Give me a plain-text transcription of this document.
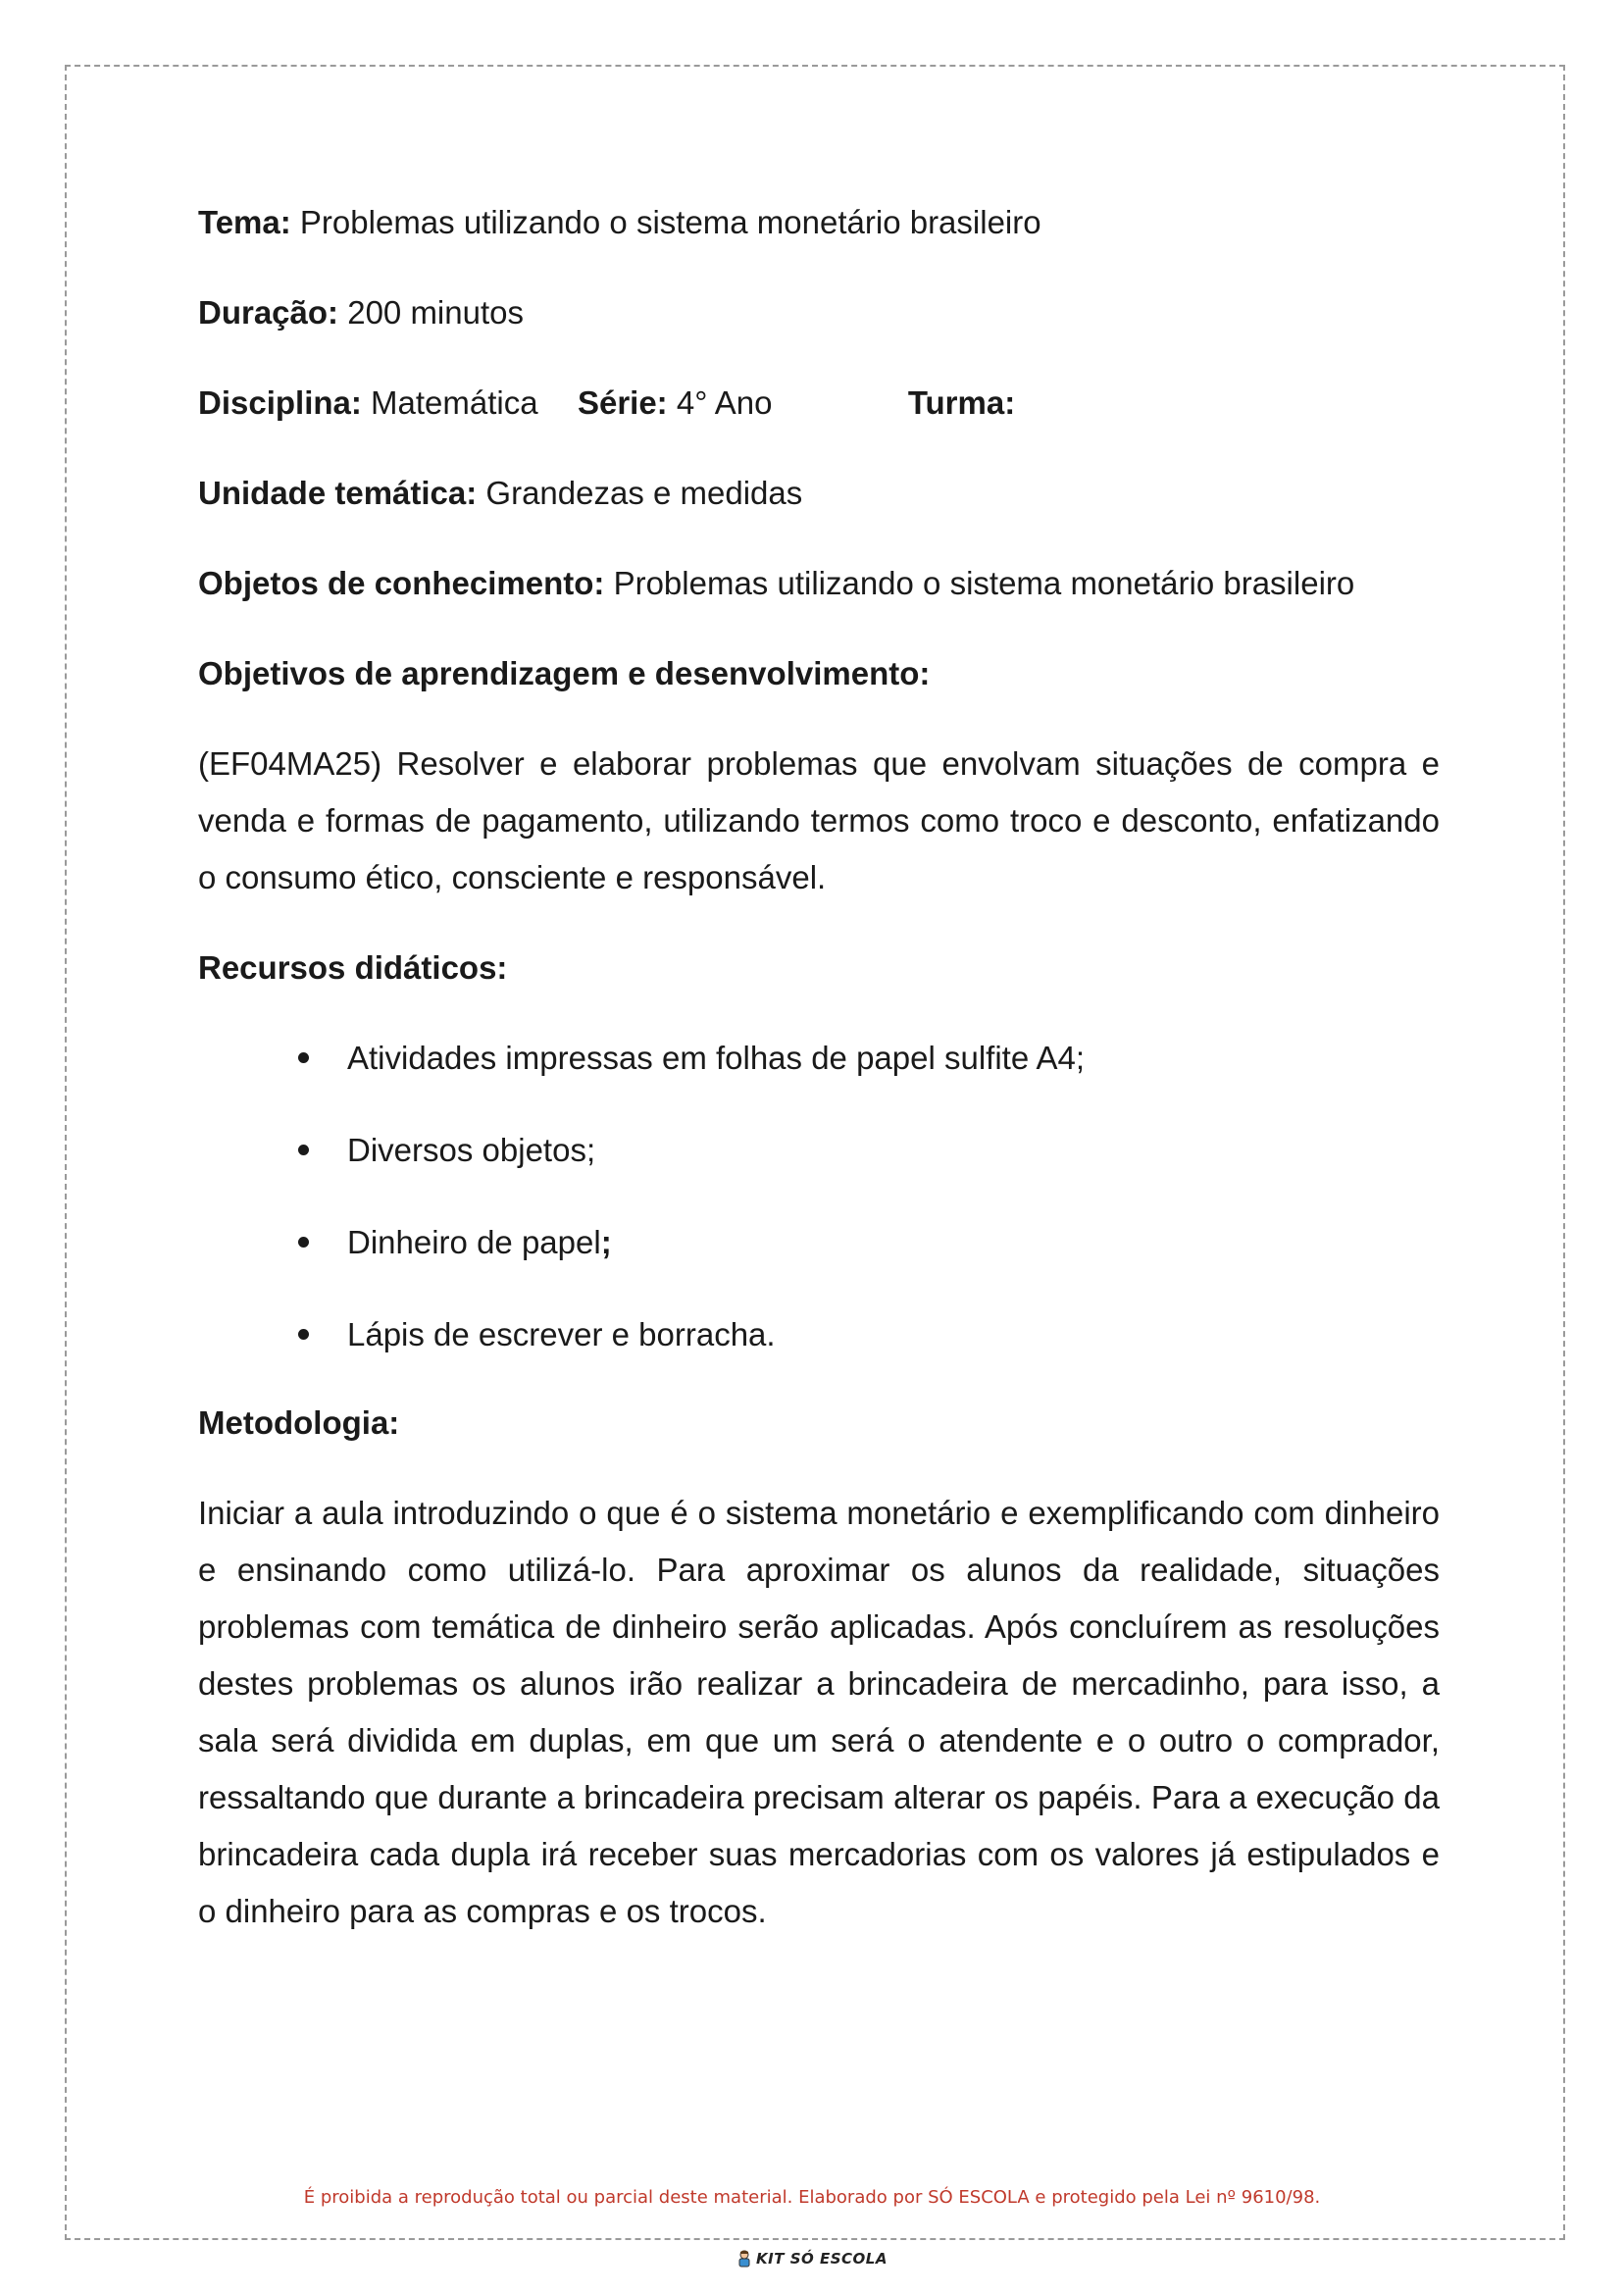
Tema: Problemas utilizando o sistema monetário brasileiro

Duração: 200 minutos

Disciplina: Matemática Série: 4° Ano	Turma:

Unidade temática: Grandezas e medidas

Objetos de conhecimento: Problemas utilizando o sistema monetário brasileiro

Objetivos de aprendizagem e desenvolvimento:

(EF04MA25) Resolver e elaborar problemas que envolvam situações de compra e venda e formas de pagamento, utilizando termos como troco e desconto, enfatizando o consumo ético, consciente e responsável.

Recursos didáticos:

Atividades impressas em folhas de papel sulfite A4;
Diversos objetos;
Dinheiro de papel;
Lápis de escrever e borracha.

Metodologia:

Iniciar a aula introduzindo o que é o sistema monetário e exemplificando com dinheiro e ensinando como utilizá-lo. Para aproximar os alunos da realidade, situações problemas com temática de dinheiro serão aplicadas. Após concluírem as resoluções destes problemas os alunos irão realizar a brincadeira de mercadinho, para isso, a sala será dividida em duplas, em que um será o atendente e o outro o comprador, ressaltando que durante a brincadeira precisam alterar os papéis. Para a execução da brincadeira cada dupla irá receber suas mercadorias com os valores já estipulados e o dinheiro para as compras e os trocos.

É proibida a reprodução total ou parcial deste material. Elaborado por SÓ ESCOLA e protegido pela Lei nº 9610/98.
KIT SÓ ESCOLA
